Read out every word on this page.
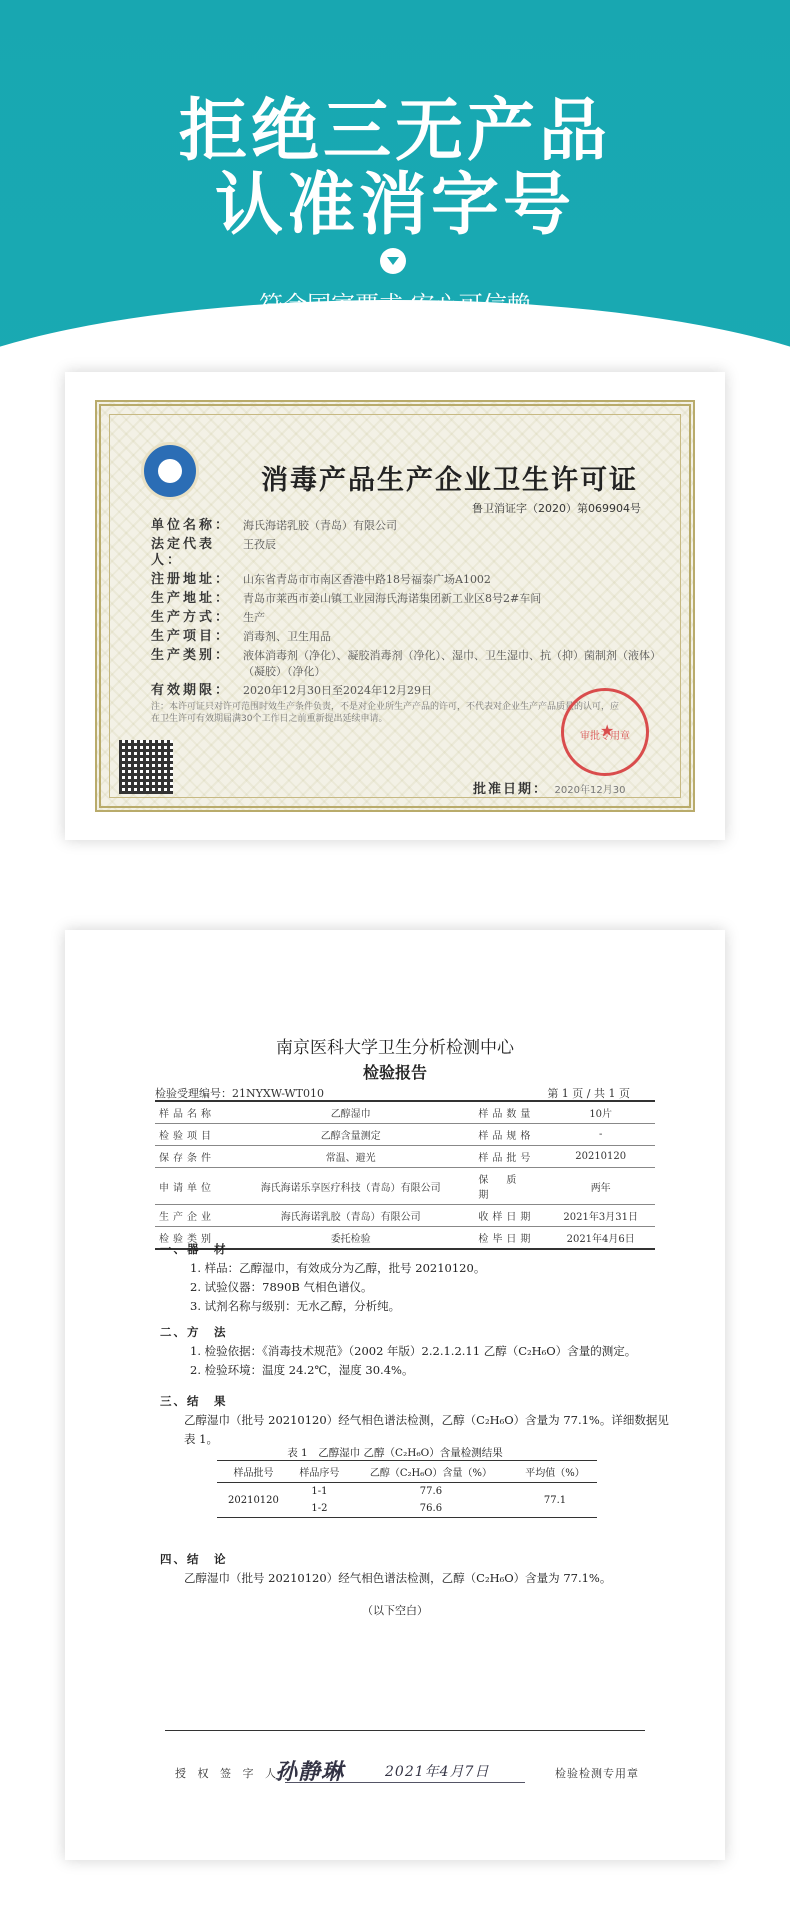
拒绝三无产品
认准消字号
符合国家要求 安心可信赖
消毒产品生产企业卫生许可证
鲁卫消证字（2020）第069904号
单位名称：	海氏海诺乳胶（青岛）有限公司
法定代表人：
王孜辰
注册地址：	山东省青岛市市南区香港中路18号福泰广场A1002
生产地址：	青岛市莱西市姜山镇工业园海氏海诺集团新工业区8号2#车间
生产方式：	生产
生产项目：	消毒剂、卫生用品
生产类别：	液体消毒剂（净化）、凝胶消毒剂（净化）、湿巾、卫生湿巾、抗（抑）菌制剂（液体）（凝胶）（净化）
有效期限：	2020年12月30日至2024年12月29日
注：本许可证只对许可范围时效生产条件负责，不是对企业所生产产品的许可，不代表对企业生产产品质量的认可，应在卫生许可有效期届满30个工作日之前重新提出延续申请。
★ 审批专用章
批准日期： 2020年12月30
南京医科大学卫生分析检测中心
检验报告
检验受理编号：21NYXW-WT010	第 1 页 / 共 1 页
样品名称	乙醇湿巾	样品数量	10片
检验项目	乙醇含量测定	样品规格	-
保存条件	常温、避光	样品批号	20210120
申请单位	海氏海诺乐享医疗科技（青岛）有限公司	保　质　期	两年
生产企业	海氏海诺乳胶（青岛）有限公司	收样日期	2021年3月31日
检验类别	委托检验	检毕日期	2021年4月6日
一、器　材
1. 样品：乙醇湿巾，有效成分为乙醇，批号 20210120。
2. 试验仪器：7890B 气相色谱仪。
3. 试剂名称与级别：无水乙醇，分析纯。
二、方　法
1. 检验依据：《消毒技术规范》（2002 年版）2.2.1.2.11 乙醇（C₂H₆O）含量的测定。
2. 检验环境：温度 24.2℃，湿度 30.4%。
三、结　果
乙醇湿巾（批号 20210120）经气相色谱法检测，乙醇（C₂H₆O）含量为 77.1%。详细数据见表 1。
表 1　乙醇湿巾 乙醇（C₂H₆O）含量检测结果
样品批号	样品序号	乙醇（C₂H₆O）含量（%）	平均值（%）
20210120	1-1	77.6	77.1
	1-2	76.6	
四、结　论
乙醇湿巾（批号 20210120）经气相色谱法检测，乙醇（C₂H₆O）含量为 77.1%。
（以下空白）
授 权 签 字 人
孙静琳	2021年4月7日	检验检测专用章
